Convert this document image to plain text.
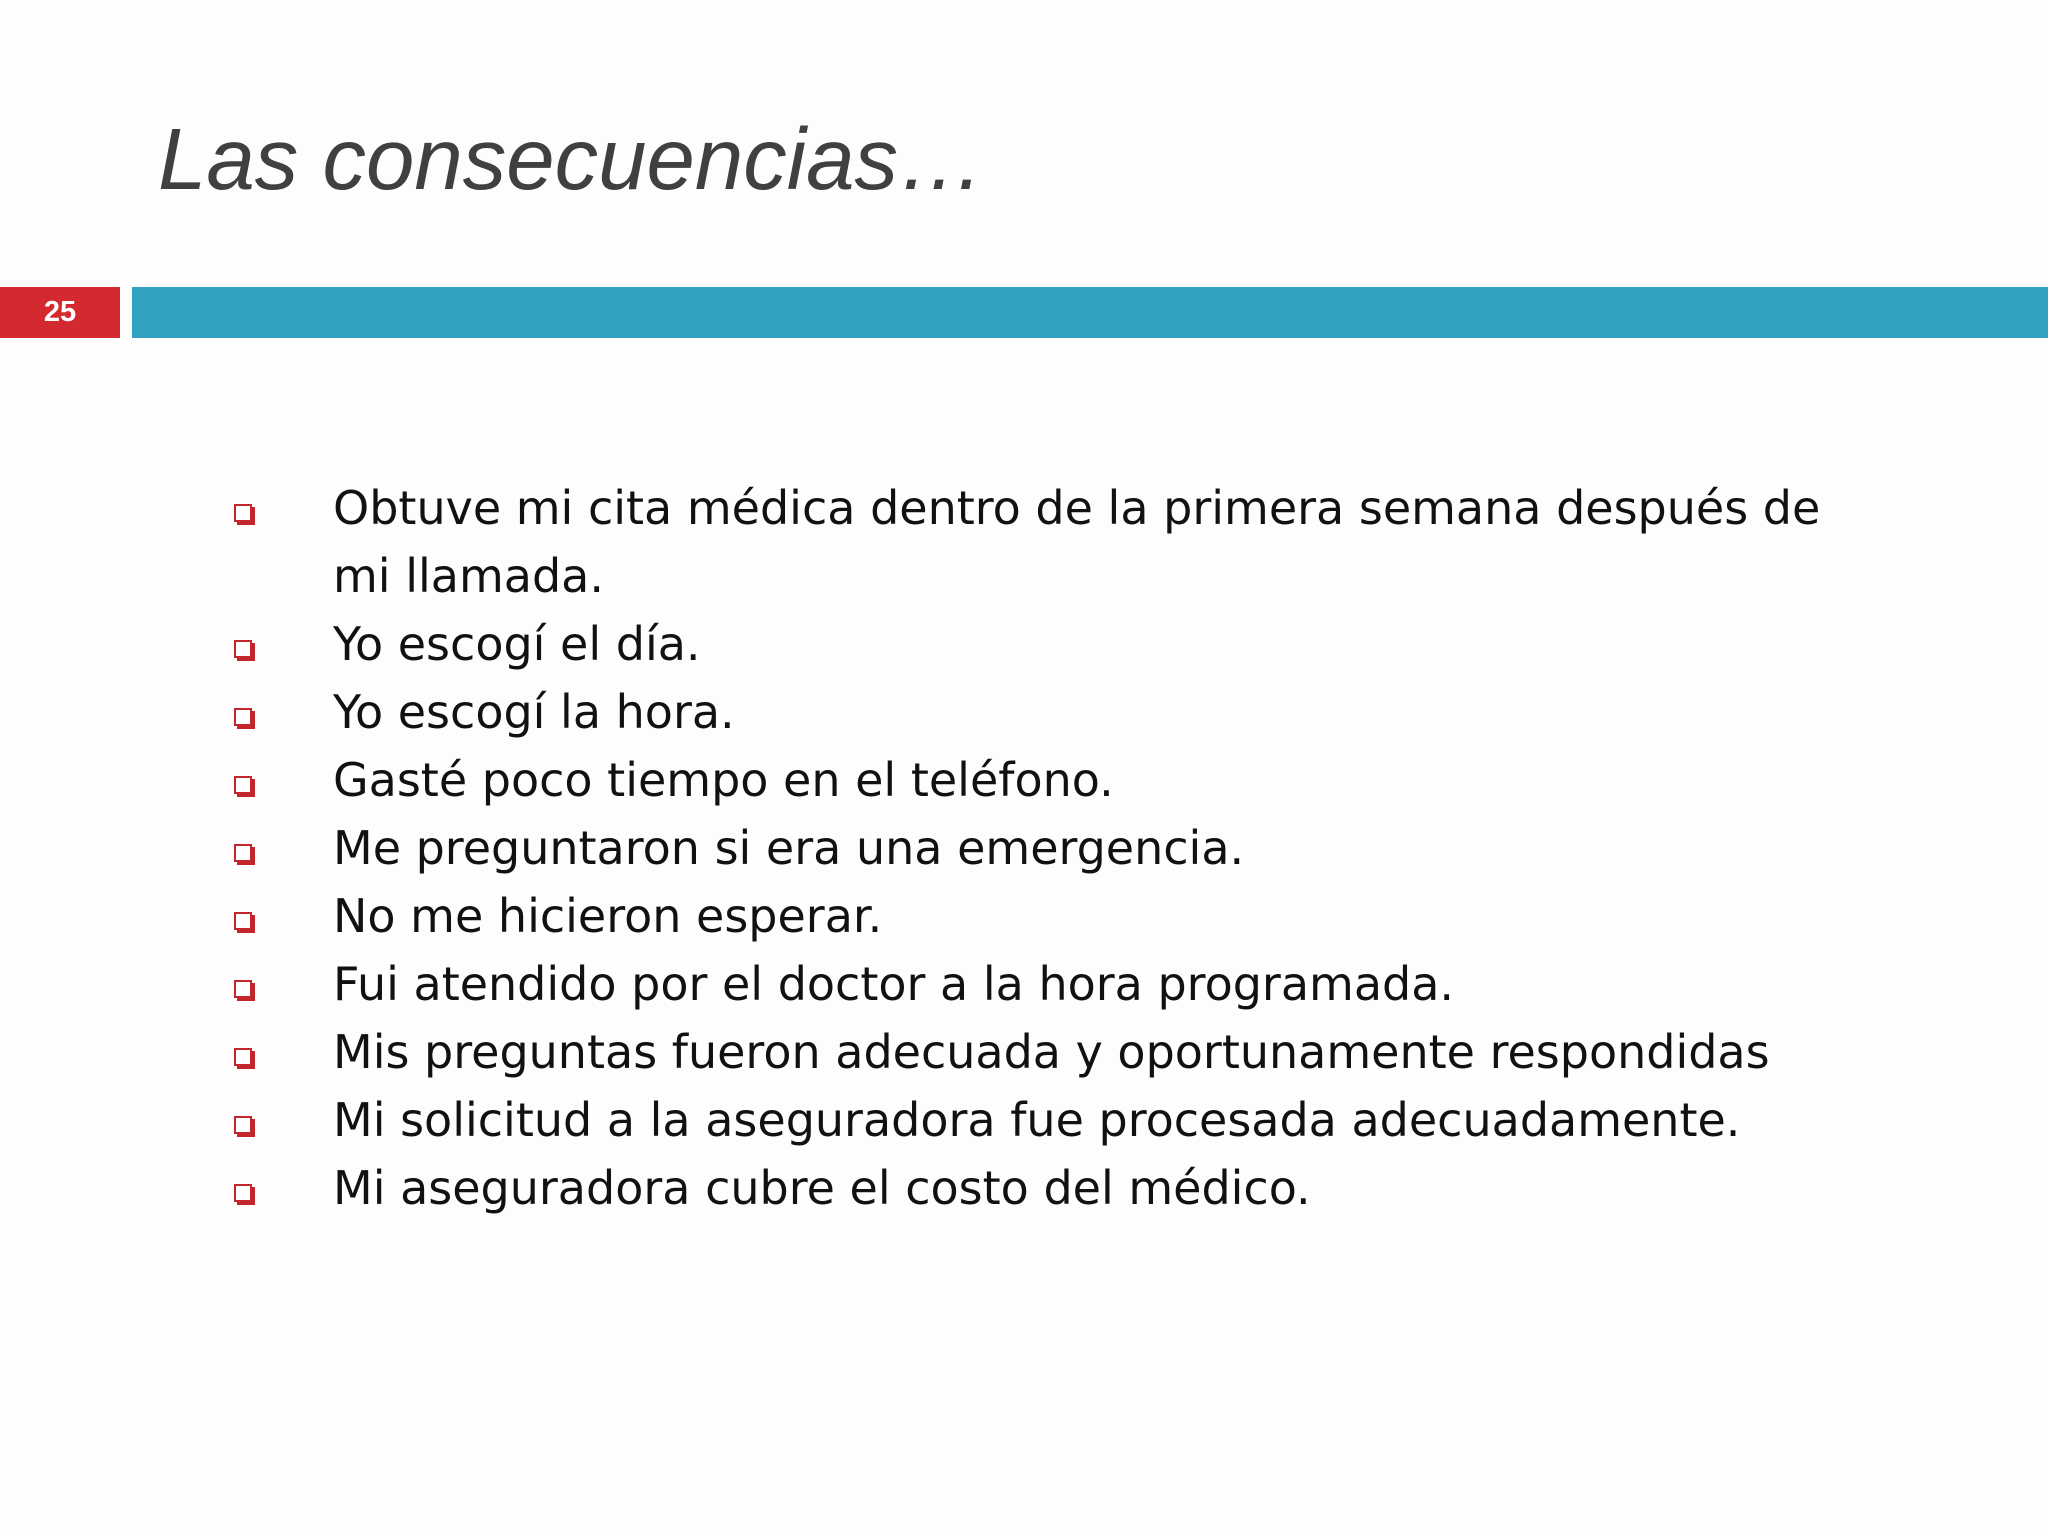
Las consecuencias…
25
Obtuve mi cita médica dentro de la primera semana después de mi llamada.
Yo escogí el día.
Yo escogí la hora.
Gasté poco tiempo en el teléfono.
Me preguntaron si era una emergencia.
No me hicieron esperar.
Fui atendido por el doctor a la hora programada.
Mis preguntas fueron adecuada y oportunamente respondidas
Mi solicitud a la aseguradora fue procesada adecuadamente.
Mi aseguradora cubre el costo del médico.
